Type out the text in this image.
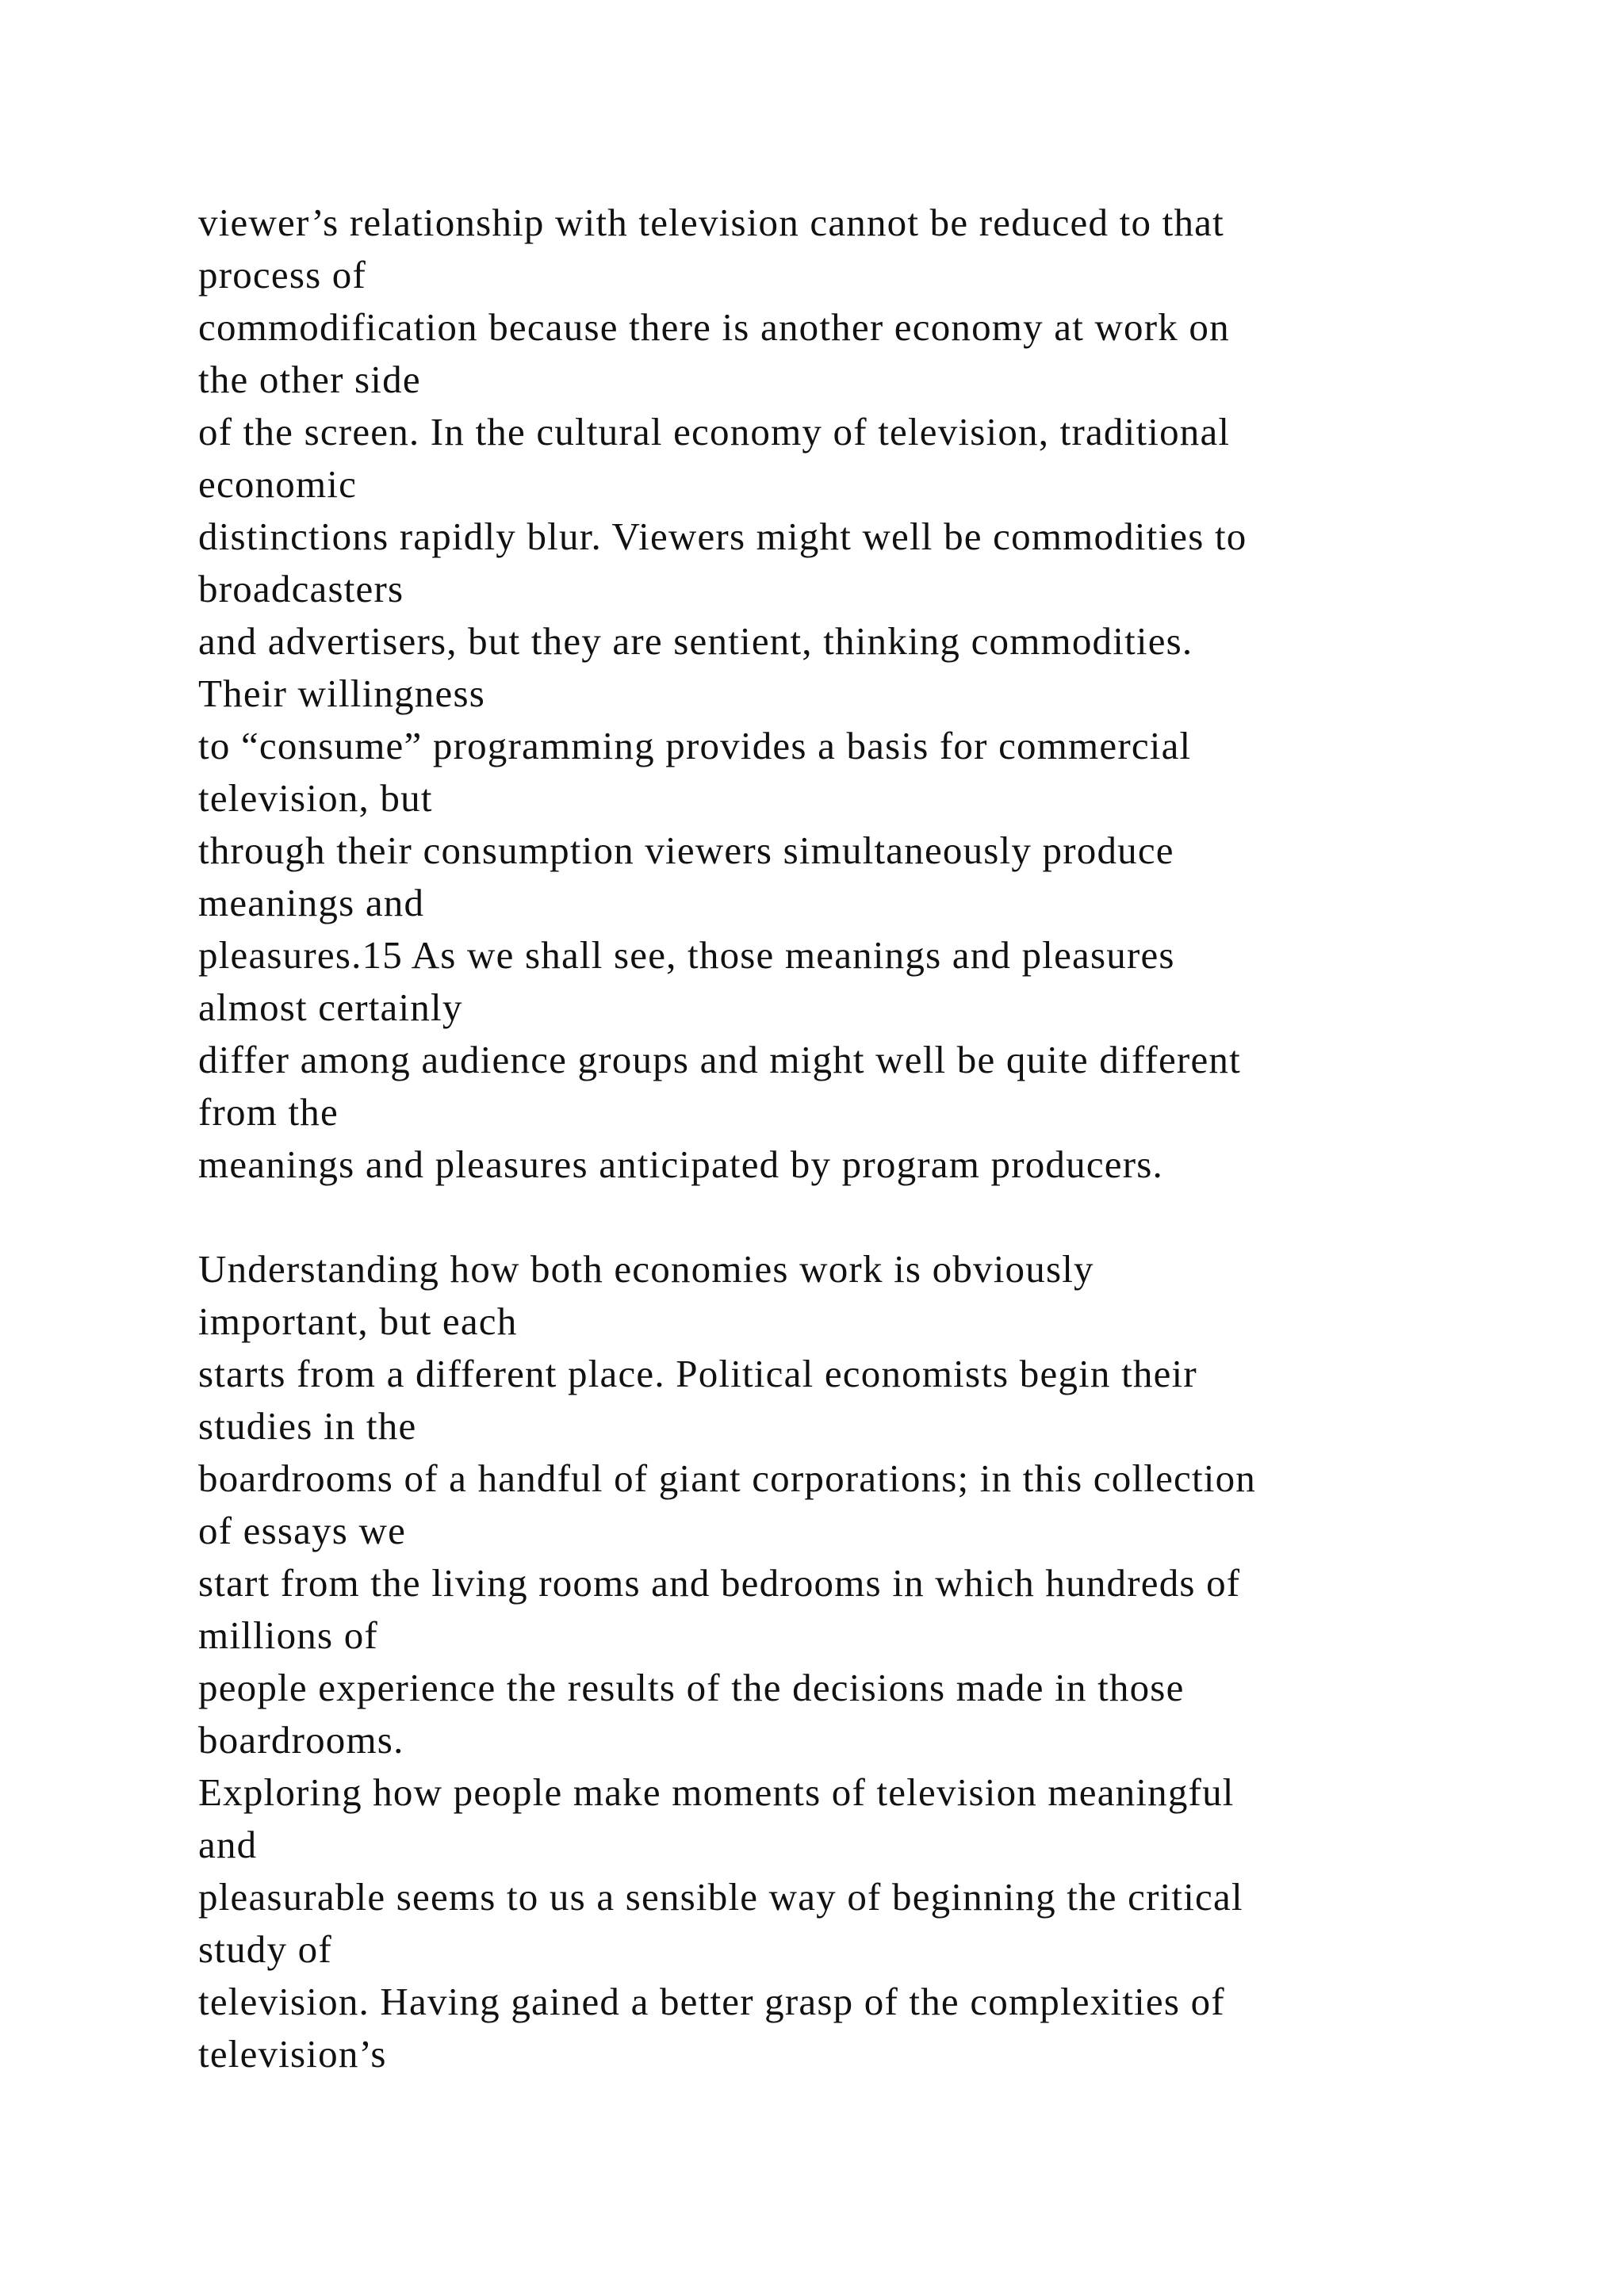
viewer’s relationship with television cannot be reduced to that
process of
commodification because there is another economy at work on
the other side
of the screen. In the cultural economy of television, traditional
economic
distinctions rapidly blur. Viewers might well be commodities to
broadcasters
and advertisers, but they are sentient, thinking commodities.
Their willingness
to “consume” programming provides a basis for commercial
television, but
through their consumption viewers simultaneously produce
meanings and
pleasures.15 As we shall see, those meanings and pleasures
almost certainly
differ among audience groups and might well be quite different
from the
meanings and pleasures anticipated by program producers.
Understanding how both economies work is obviously
important, but each
starts from a different place. Political economists begin their
studies in the
boardrooms of a handful of giant corporations; in this collection
of essays we
start from the living rooms and bedrooms in which hundreds of
millions of
people experience the results of the decisions made in those
boardrooms.
Exploring how people make moments of television meaningful
and
pleasurable seems to us a sensible way of beginning the critical
study of
television. Having gained a better grasp of the complexities of
television’s
